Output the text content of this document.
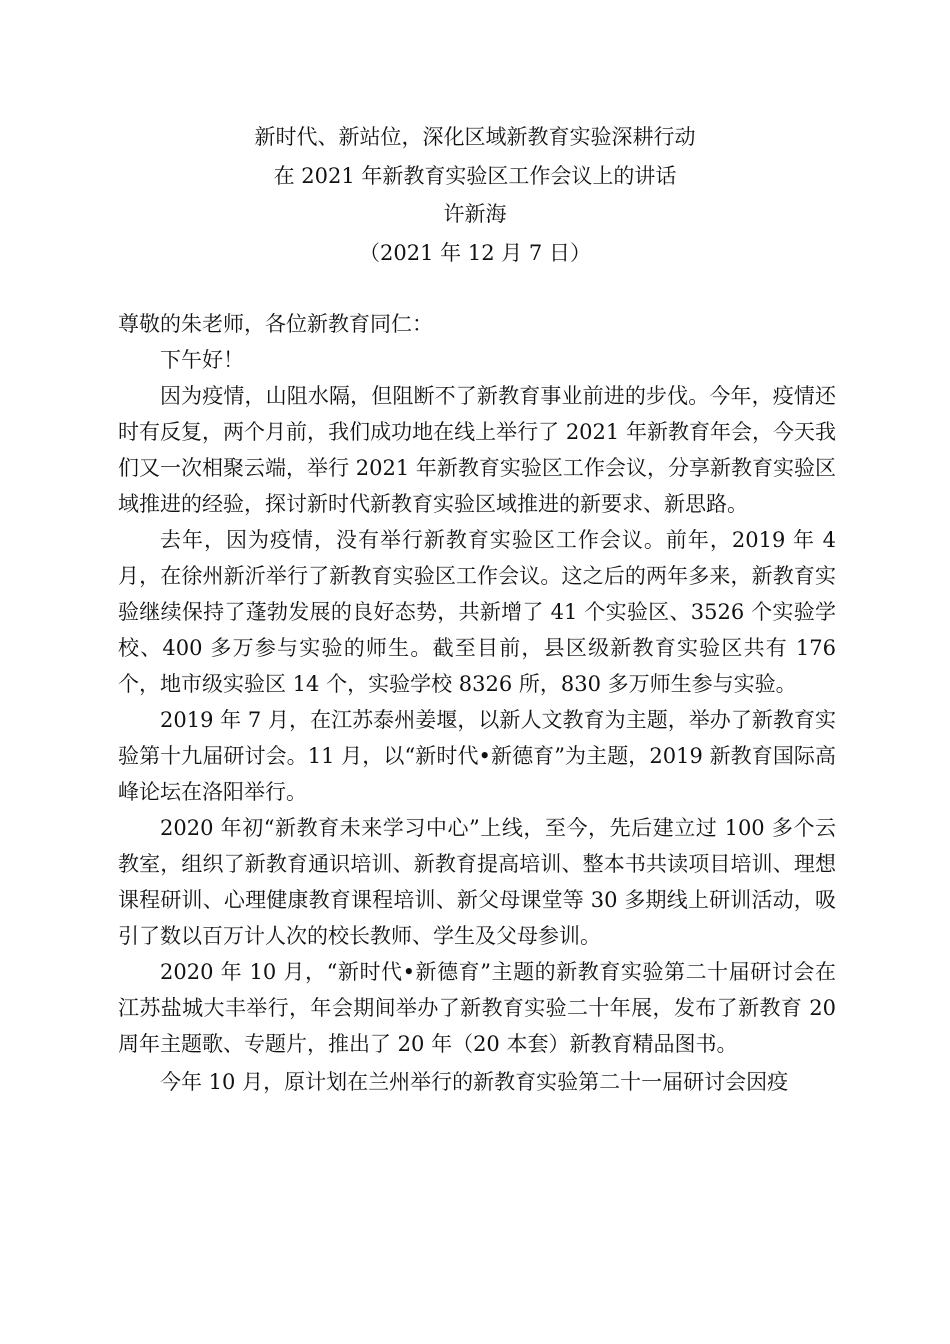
新时代、新站位，深化区域新教育实验深耕行动
在 2021 年新教育实验区工作会议上的讲话
许新海
（2021 年 12 月 7 日）

尊敬的朱老师，各位新教育同仁：

下午好！

因为疫情，山阻水隔，但阻断不了新教育事业前进的步伐。今年，疫情还时有反复，两个月前，我们成功地在线上举行了 2021 年新教育年会，今天我们又一次相聚云端，举行 2021 年新教育实验区工作会议，分享新教育实验区域推进的经验，探讨新时代新教育实验区域推进的新要求、新思路。

去年，因为疫情，没有举行新教育实验区工作会议。前年，2019 年 4 月，在徐州新沂举行了新教育实验区工作会议。这之后的两年多来，新教育实验继续保持了蓬勃发展的良好态势，共新增了 41 个实验区、3526 个实验学校、400 多万参与实验的师生。截至目前，县区级新教育实验区共有 176 个，地市级实验区 14 个，实验学校 8326 所，830 多万师生参与实验。

2019 年 7 月，在江苏泰州姜堰，以新人文教育为主题，举办了新教育实验第十九届研讨会。11 月，以“新时代•新德育”为主题，2019 新教育国际高峰论坛在洛阳举行。

2020 年初“新教育未来学习中心”上线，至今，先后建立过 100 多个云教室，组织了新教育通识培训、新教育提高培训、整本书共读项目培训、理想课程研训、心理健康教育课程培训、新父母课堂等 30 多期线上研训活动，吸引了数以百万计人次的校长教师、学生及父母参训。

2020 年 10 月，“新时代•新德育”主题的新教育实验第二十届研讨会在江苏盐城大丰举行，年会期间举办了新教育实验二十年展，发布了新教育 20 周年主题歌、专题片，推出了 20 年（20 本套）新教育精品图书。

今年 10 月，原计划在兰州举行的新教育实验第二十一届研讨会因疫
